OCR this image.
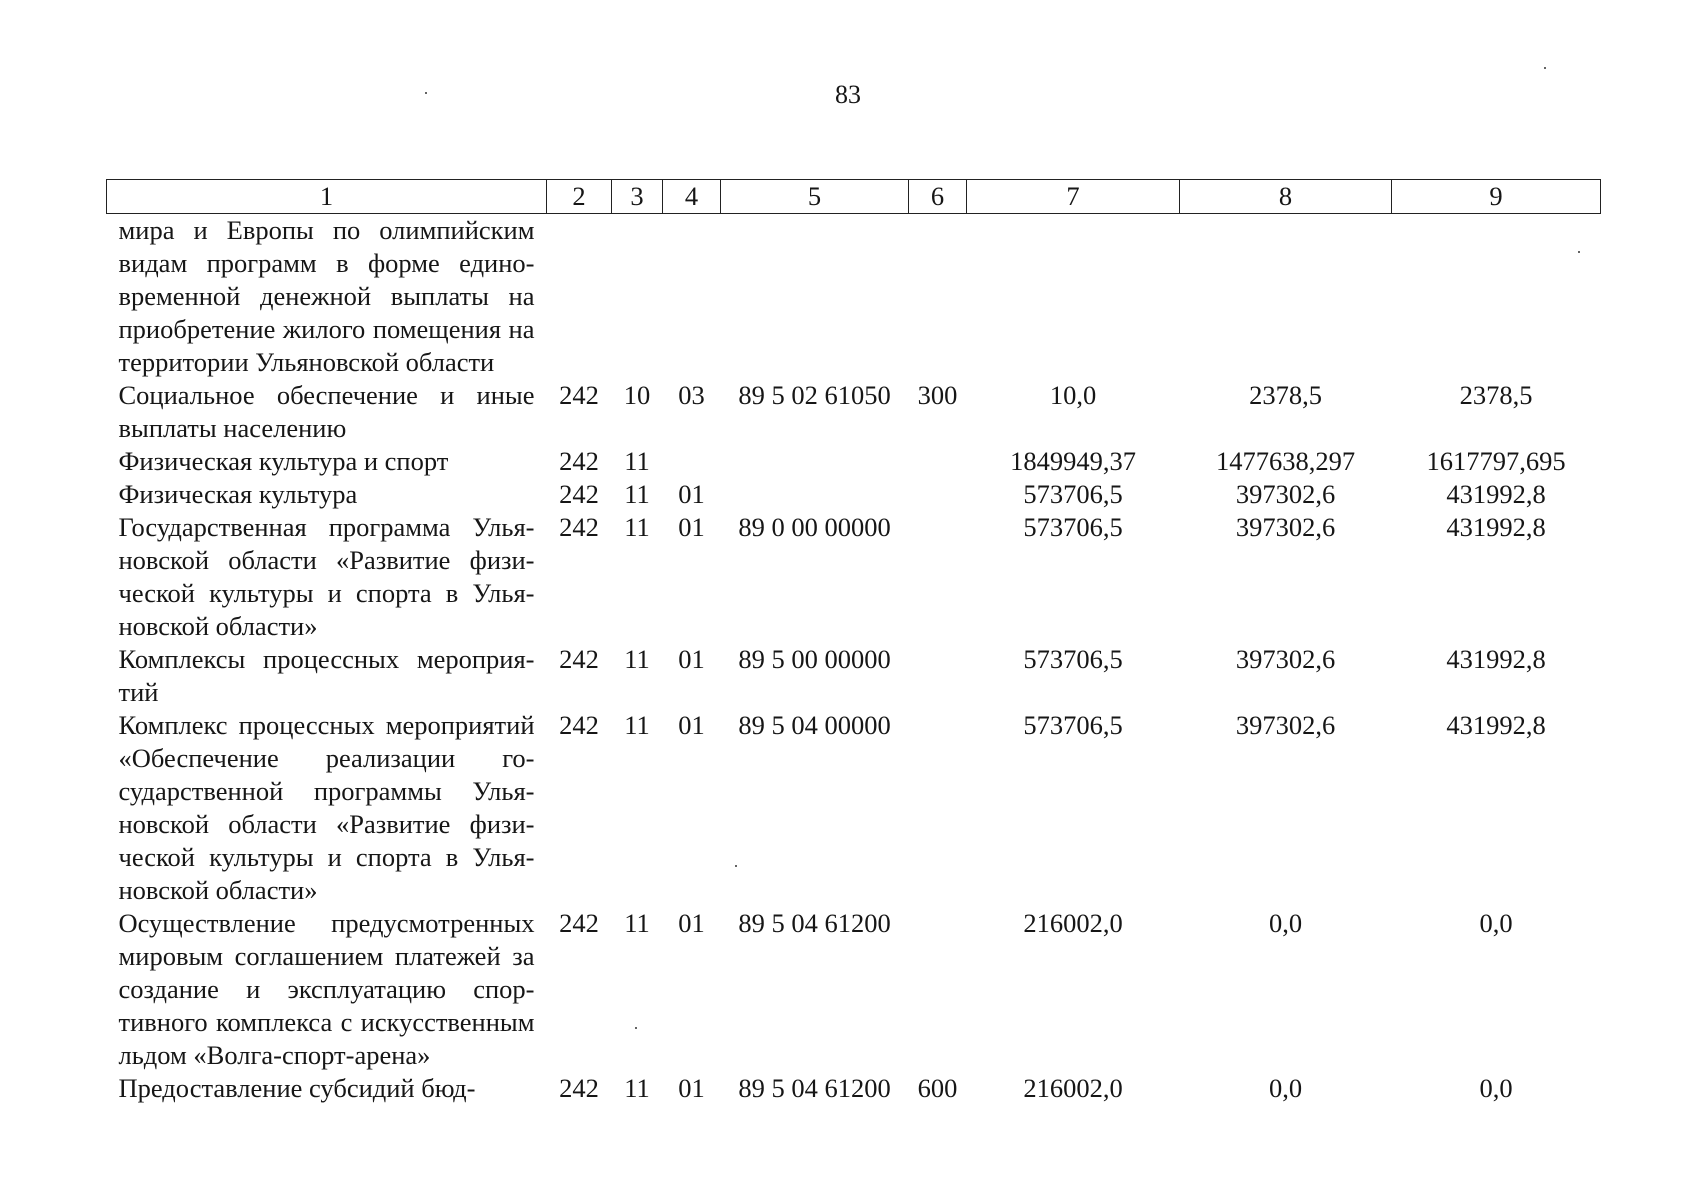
83
1	2	3	4	5	6	7	8	9
мира и Европы по олимпийским видам программ в форме единовременной денежной выплаты на приобретение жилого помещения на территории Ульяновской области								
Социальное обеспечение и иные выплаты населению	242	10	03	89 5 02 61050	300	10,0	2378,5	2378,5
Физическая культура и спорт	242	11				1849949,37	1477638,297	1617797,695
Физическая культура	242	11	01			573706,5	397302,6	431992,8
Государственная программа Ульяновской области «Развитие физической культуры и спорта в Ульяновской области»	242	11	01	89 0 00 00000		573706,5	397302,6	431992,8
Комплексы процессных мероприятий	242	11	01	89 5 00 00000		573706,5	397302,6	431992,8
Комплекс процессных мероприятий «Обеспечение реализации государственной программы Ульяновской области «Развитие физической культуры и спорта в Ульяновской области»	242	11	01	89 5 04 00000		573706,5	397302,6	431992,8
Осуществление предусмотренных мировым соглашением платежей за создание и эксплуатацию спортивного комплекса с искусственным льдом «Волга-спорт-арена»	242	11	01	89 5 04 61200		216002,0	0,0	0,0
Предоставление субсидий бюд-	242	11	01	89 5 04 61200	600	216002,0	0,0	0,0
